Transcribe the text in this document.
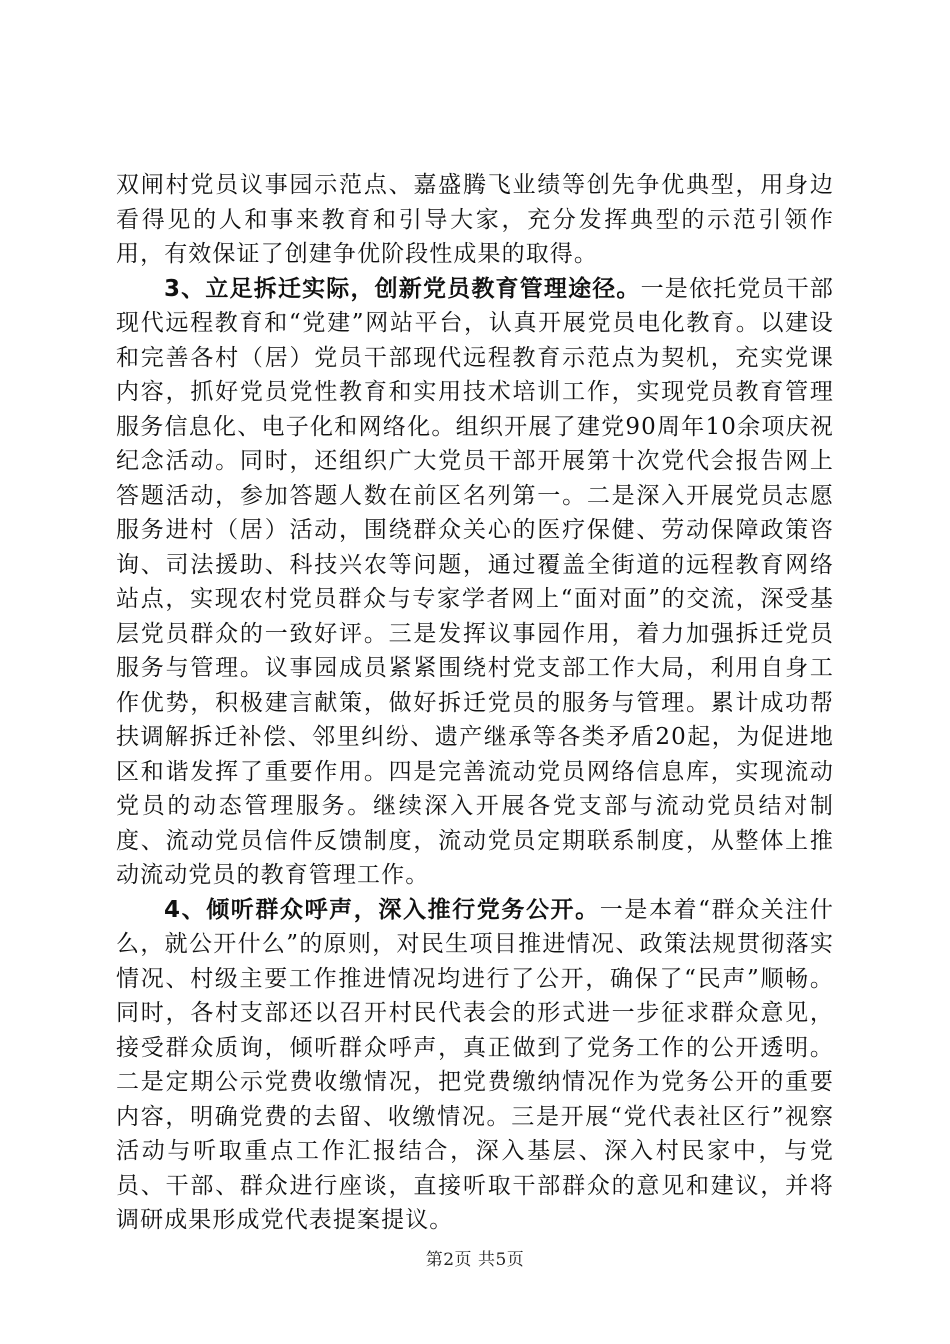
双闸村党员议事园示范点、嘉盛腾飞业绩等创先争优典型，用身边看得见的人和事来教育和引导大家，充分发挥典型的示范引领作用，有效保证了创建争优阶段性成果的取得。

3、立足拆迁实际，创新党员教育管理途径。一是依托党员干部现代远程教育和“党建”网站平台，认真开展党员电化教育。以建设和完善各村（居）党员干部现代远程教育示范点为契机，充实党课内容，抓好党员党性教育和实用技术培训工作，实现党员教育管理服务信息化、电子化和网络化。组织开展了建党90周年10余项庆祝纪念活动。同时，还组织广大党员干部开展第十次党代会报告网上答题活动，参加答题人数在前区名列第一。二是深入开展党员志愿服务进村（居）活动，围绕群众关心的医疗保健、劳动保障政策咨询、司法援助、科技兴农等问题，通过覆盖全街道的远程教育网络站点，实现农村党员群众与专家学者网上“面对面”的交流，深受基层党员群众的一致好评。三是发挥议事园作用，着力加强拆迁党员服务与管理。议事园成员紧紧围绕村党支部工作大局，利用自身工作优势，积极建言献策，做好拆迁党员的服务与管理。累计成功帮扶调解拆迁补偿、邻里纠纷、遗产继承等各类矛盾20起，为促进地区和谐发挥了重要作用。四是完善流动党员网络信息库，实现流动党员的动态管理服务。继续深入开展各党支部与流动党员结对制度、流动党员信件反馈制度，流动党员定期联系制度，从整体上推动流动党员的教育管理工作。

4、倾听群众呼声，深入推行党务公开。一是本着“群众关注什么，就公开什么”的原则，对民生项目推进情况、政策法规贯彻落实情况、村级主要工作推进情况均进行了公开，确保了“民声”顺畅。同时，各村支部还以召开村民代表会的形式进一步征求群众意见，接受群众质询，倾听群众呼声，真正做到了党务工作的公开透明。二是定期公示党费收缴情况，把党费缴纳情况作为党务公开的重要内容，明确党费的去留、收缴情况。三是开展“党代表社区行”视察活动与听取重点工作汇报结合，深入基层、深入村民家中，与党员、干部、群众进行座谈，直接听取干部群众的意见和建议，并将调研成果形成党代表提案提议。

第2页 共5页
